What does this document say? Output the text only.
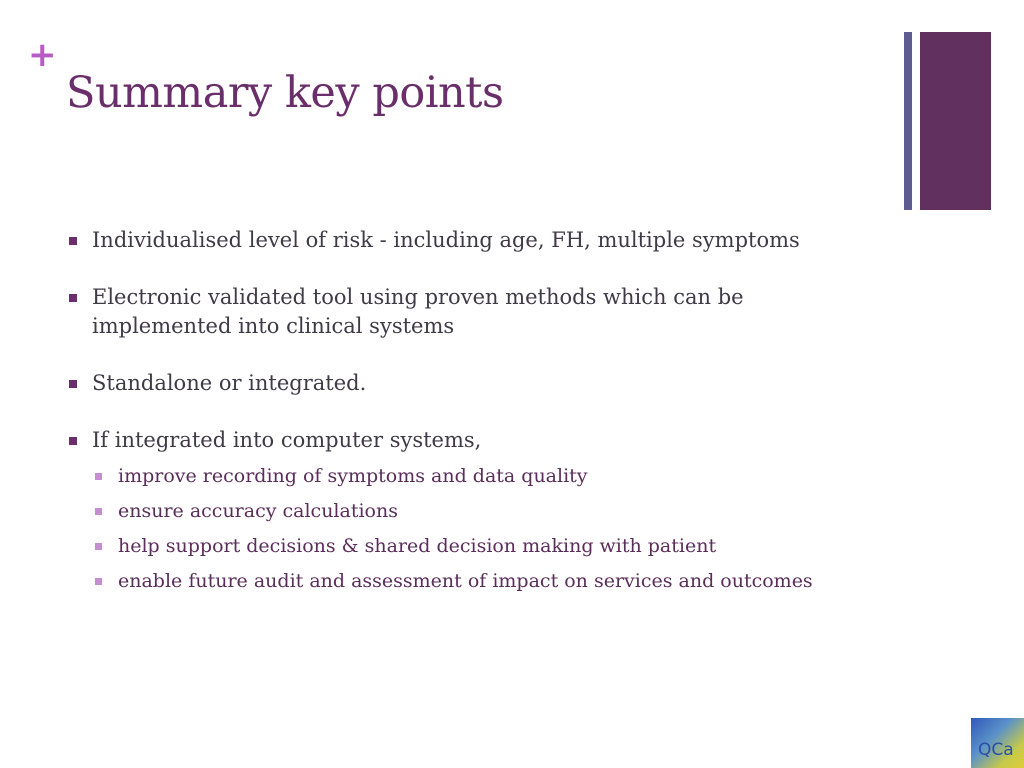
+
Summary key points
Individualised level of risk - including age, FH, multiple symptoms
Electronic validated tool using proven methods which can be implemented into clinical systems
Standalone or integrated.
If integrated into computer systems,
improve recording of symptoms and data quality
ensure accuracy calculations
help support decisions & shared decision making with patient
enable future audit and assessment of impact on services and outcomes
QCa
